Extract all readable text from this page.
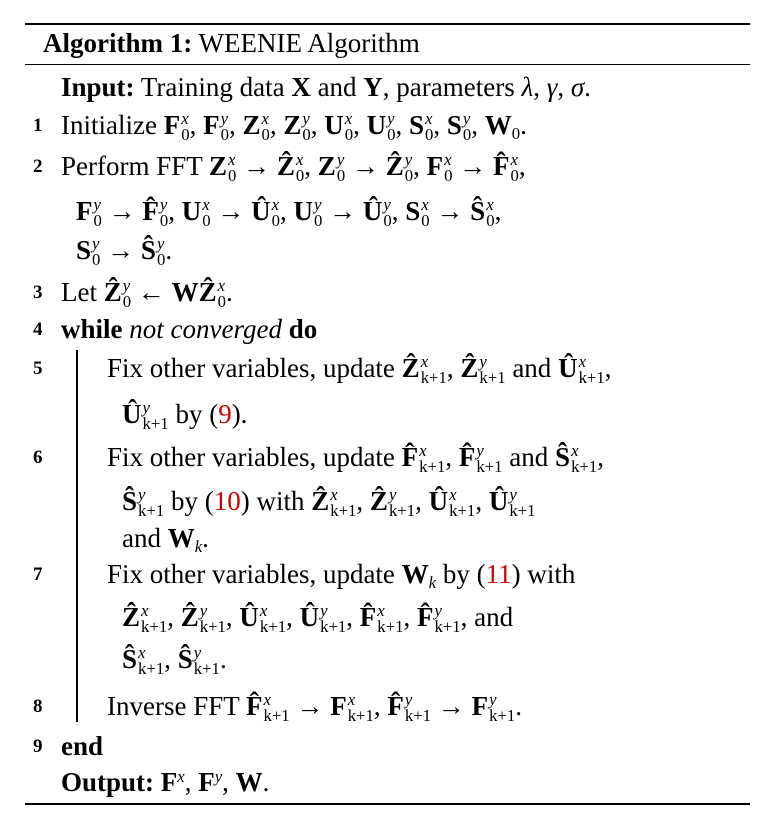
Algorithm 1: WEENIE Algorithm
Input: Training data X and Y, parameters λ, γ, σ.
1 Initialize F x
0 , F y
0 , Z x
0 , Z y
0 , U x
0 , U y
0 , S x
0 , S y
0 , $W_0$.
2 Perform FFT Z x
0 → Ẑ x
0 , Z y
0 → Ẑ y
0 , F x
0 → F̂ x
0 ,
F y
0 → F̂ y
0 , U x
0 → Û x
0 , U y
0 → Û y
0 , S x
0 → Ŝ x
0 ,
S y
0 → Ŝ y
0 .
3 Let Ẑ y
0 ← WẐ x
0 .
4 while not converged do
5	Fix other variables, update Ẑ x
k+1 , Ẑ y
k+1 and Û x
k+1 ,
Û y
k+1 by (9).
6	Fix other variables, update F̂ x
k+1 , F̂ y
k+1 and Ŝ x
k+1 ,
Ŝ y
k+1 by (10) with Ẑ x
k+1 , Ẑ y
k+1 , Û x
k+1 , Û y
k+1
and $W_k$.
7	Fix other variables, update $W_k$ by (11) with
Ẑ x
k+1 , Ẑ y
k+1 , Û x
k+1 , Û y
k+1 , F̂ x
k+1 , F̂ y
k+1 , and
Ŝ x
k+1 , Ŝ y
k+1 .
8	Inverse FFT F̂ x
k+1 → F x
k+1 , F̂ y
k+1 → F y
k+1 .
9 end
Output: $F^x$, $F^y$, W.
